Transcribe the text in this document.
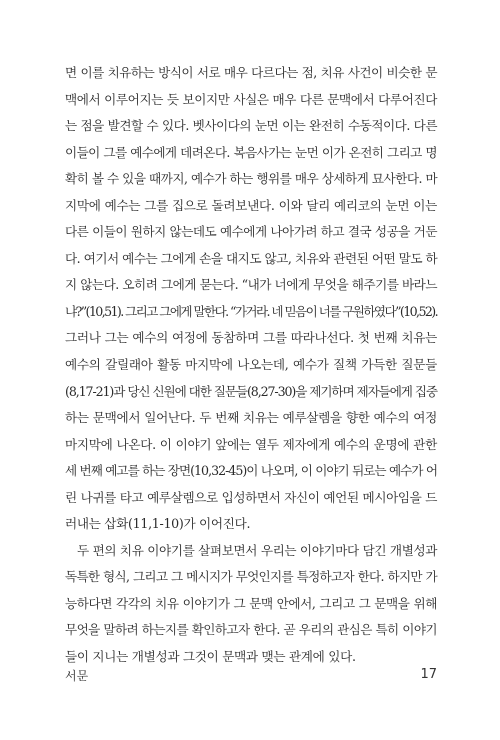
면 이를 치유하는 방식이 서로 매우 다르다는 점, 치유 사건이 비슷한 문
맥에서 이루어지는 듯 보이지만 사실은 매우 다른 문맥에서 다루어진다
는 점을 발견할 수 있다. 벳사이다의 눈먼 이는 완전히 수동적이다. 다른
이들이 그를 예수에게 데려온다. 복음사가는 눈먼 이가 온전히 그리고 명
확히 볼 수 있을 때까지, 예수가 하는 행위를 매우 상세하게 묘사한다. 마
지막에 예수는 그를 집으로 돌려보낸다. 이와 달리 예리코의 눈먼 이는
다른 이들이 원하지 않는데도 예수에게 나아가려 하고 결국 성공을 거둔
다. 여기서 예수는 그에게 손을 대지도 않고, 치유와 관련된 어떤 말도 하
지 않는다. 오히려 그에게 묻는다. “내가 너에게 무엇을 해주기를 바라느
냐?”(10,51). 그리고 그에게 말한다. “가거라. 네 믿음이 너를 구원하였다”(10,52).
그러나 그는 예수의 여정에 동참하며 그를 따라나선다. 첫 번째 치유는
예수의 갈릴래아 활동 마지막에 나오는데, 예수가 질책 가득한 질문들
(8,17-21)과 당신 신원에 대한 질문들(8,27-30)을 제기하며 제자들에게 집중
하는 문맥에서 일어난다. 두 번째 치유는 예루살렘을 향한 예수의 여정
마지막에 나온다. 이 이야기 앞에는 열두 제자에게 예수의 운명에 관한
세 번째 예고를 하는 장면(10,32-45)이 나오며, 이 이야기 뒤로는 예수가 어
린 나귀를 타고 예루살렘으로 입성하면서 자신이 예언된 메시아임을 드
러내는 삽화(11,1-10)가 이어진다.
두 편의 치유 이야기를 살펴보면서 우리는 이야기마다 담긴 개별성과
독특한 형식, 그리고 그 메시지가 무엇인지를 특정하고자 한다. 하지만 가
능하다면 각각의 치유 이야기가 그 문맥 안에서, 그리고 그 문맥을 위해
무엇을 말하려 하는지를 확인하고자 한다. 곧 우리의 관심은 특히 이야기
들이 지니는 개별성과 그것이 문맥과 맺는 관계에 있다.
서문	17
